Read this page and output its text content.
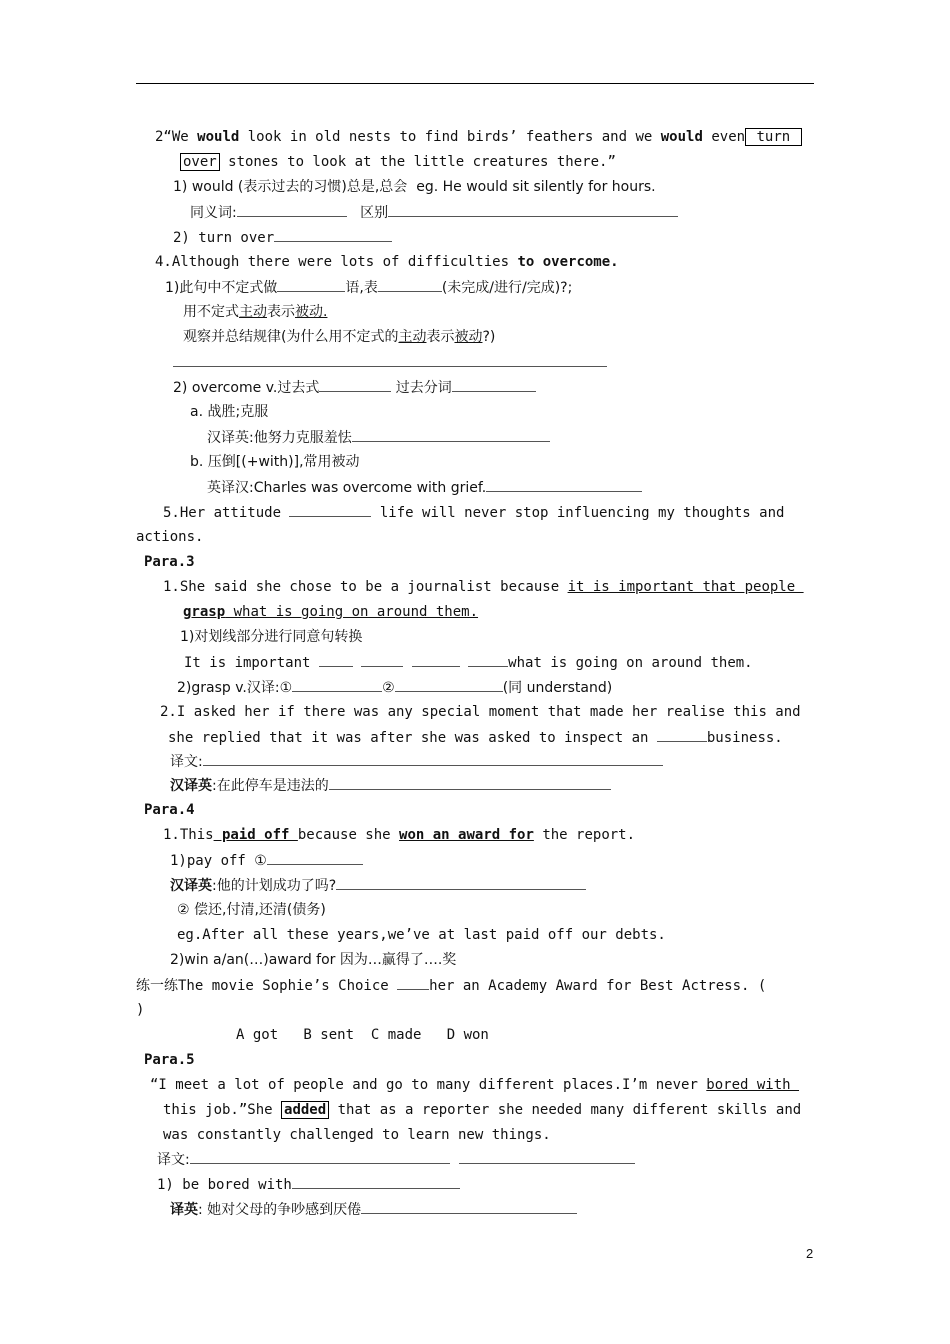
2“We would look in old nests to find birds’ feathers and we would even turn
over stones to look at the little creatures there.”
1) would (表示过去的习惯)总是,总会  eg. He would sit silently for hours.
同义词:	区别
2) turn over
4.Although there were lots of difficulties to overcome.
1)此句中不定式做	语,表	(未完成/进行/完成)?;
用不定式主动表示被动.
观察并总结规律(为什么用不定式的主动表示被动?)
2) overcome v.过去式	过去分词
a. 战胜;克服
汉译英:他努力克服羞怯
b. 压倒[(+with)],常用被动
英译汉:Charles was overcome with grief.
5.Her attitude	life will never stop influencing my thoughts and
actions.
Para.3
1.She said she chose to be a journalist because it is important that people
grasp what is going on around them.
1)对划线部分进行同意句转换
It is important	what is going on around them.
2)grasp v.汉译:①	②	(同 understand)
2.I asked her if there was any special moment that made her realise this and
she replied that it was after she was asked to inspect an	business.
译文:
汉译英:在此停车是违法的
Para.4
1.This paid off because she won an award for the report.
1)pay off ①
汉译英:他的计划成功了吗?
② 偿还,付清,还清(债务)
eg.After all these years,we’ve at last paid off our debts.
2)win a/an(…)award for 因为…赢得了….奖
练一练The movie Sophie’s Choice her an Academy Award for Best Actress. (
)
A got   B sent  C made   D won
Para.5
“I meet a lot of people and go to many different places.I’m never bored with
this job.”She added that as a reporter she needed many different skills and
was constantly challenged to learn new things.
译文:
1) be bored with
译英: 她对父母的争吵感到厌倦
2
